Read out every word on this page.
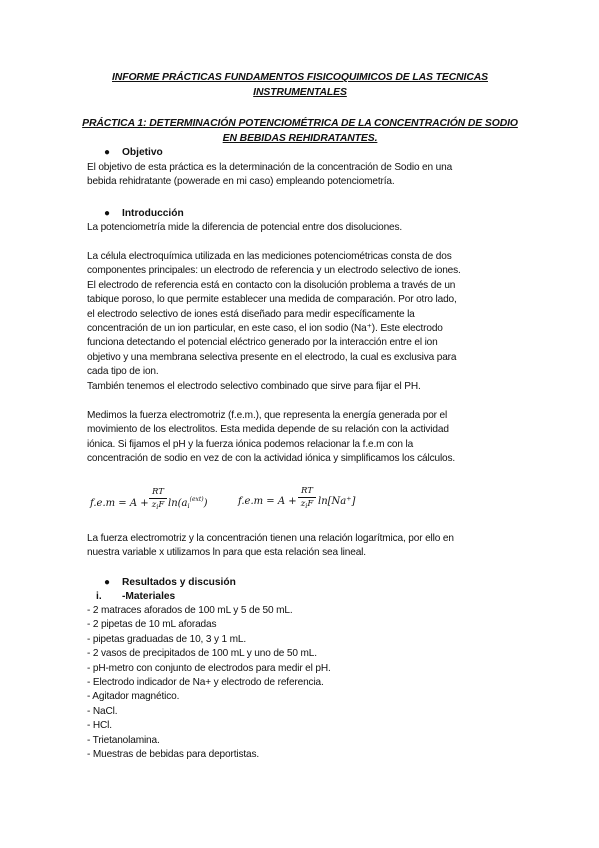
INFORME PRÁCTICAS FUNDAMENTOS FISICOQUIMICOS DE LAS TECNICAS
INSTRUMENTALES
PRÁCTICA 1: DETERMINACIÓN POTENCIOMÉTRICA DE LA CONCENTRACIÓN DE SODIO
EN BEBIDAS REHIDRATANTES.
● Objetivo
El objetivo de esta práctica es la determinación de la concentración de Sodio en una
bebida rehidratante (powerade en mi caso) empleando potenciometría.
● Introducción
La potenciometría mide la diferencia de potencial entre dos disoluciones.
La célula electroquímica utilizada en las mediciones potenciométricas consta de dos
componentes principales: un electrodo de referencia y un electrodo selectivo de iones.
El electrodo de referencia está en contacto con la disolución problema a través de un
tabique poroso, lo que permite establecer una medida de comparación. Por otro lado,
el electrodo selectivo de iones está diseñado para medir específicamente la
concentración de un ion particular, en este caso, el ion sodio (Na⁺). Este electrodo
funciona detectando el potencial eléctrico generado por la interacción entre el ion
objetivo y una membrana selectiva presente en el electrodo, la cual es exclusiva para
cada tipo de ion.
También tenemos el electrodo selectivo combinado que sirve para fijar el PH.
Medimos la fuerza electromotriz (f.e.m.), que representa la energía generada por el
movimiento de los electrolitos. Esta medida depende de su relación con la actividad
iónica. Si fijamos el pH y la fuerza iónica podemos relacionar la f.e.m con la
concentración de sodio en vez de con la actividad iónica y simplificamos los cálculos.
f.e.m = A +
RT
$z_iF$ $\ln(a_i^{(ext)})$	f.e.m = A +
RT
$z_iF$ ln[Na⁺]
La fuerza electromotriz y la concentración tienen una relación logarítmica, por ello en
nuestra variable x utilizamos ln para que esta relación sea lineal.
● Resultados y discusión
i. -Materiales
- 2 matraces aforados de 100 mL y 5 de 50 mL.
- 2 pipetas de 10 mL aforadas
- pipetas graduadas de 10, 3 y 1 mL.
- 2 vasos de precipitados de 100 mL y uno de 50 mL.
- pH-metro con conjunto de electrodos para medir el pH.
- Electrodo indicador de Na+ y electrodo de referencia.
- Agitador magnético.
- NaCl.
- HCl.
- Trietanolamina.
- Muestras de bebidas para deportistas.
